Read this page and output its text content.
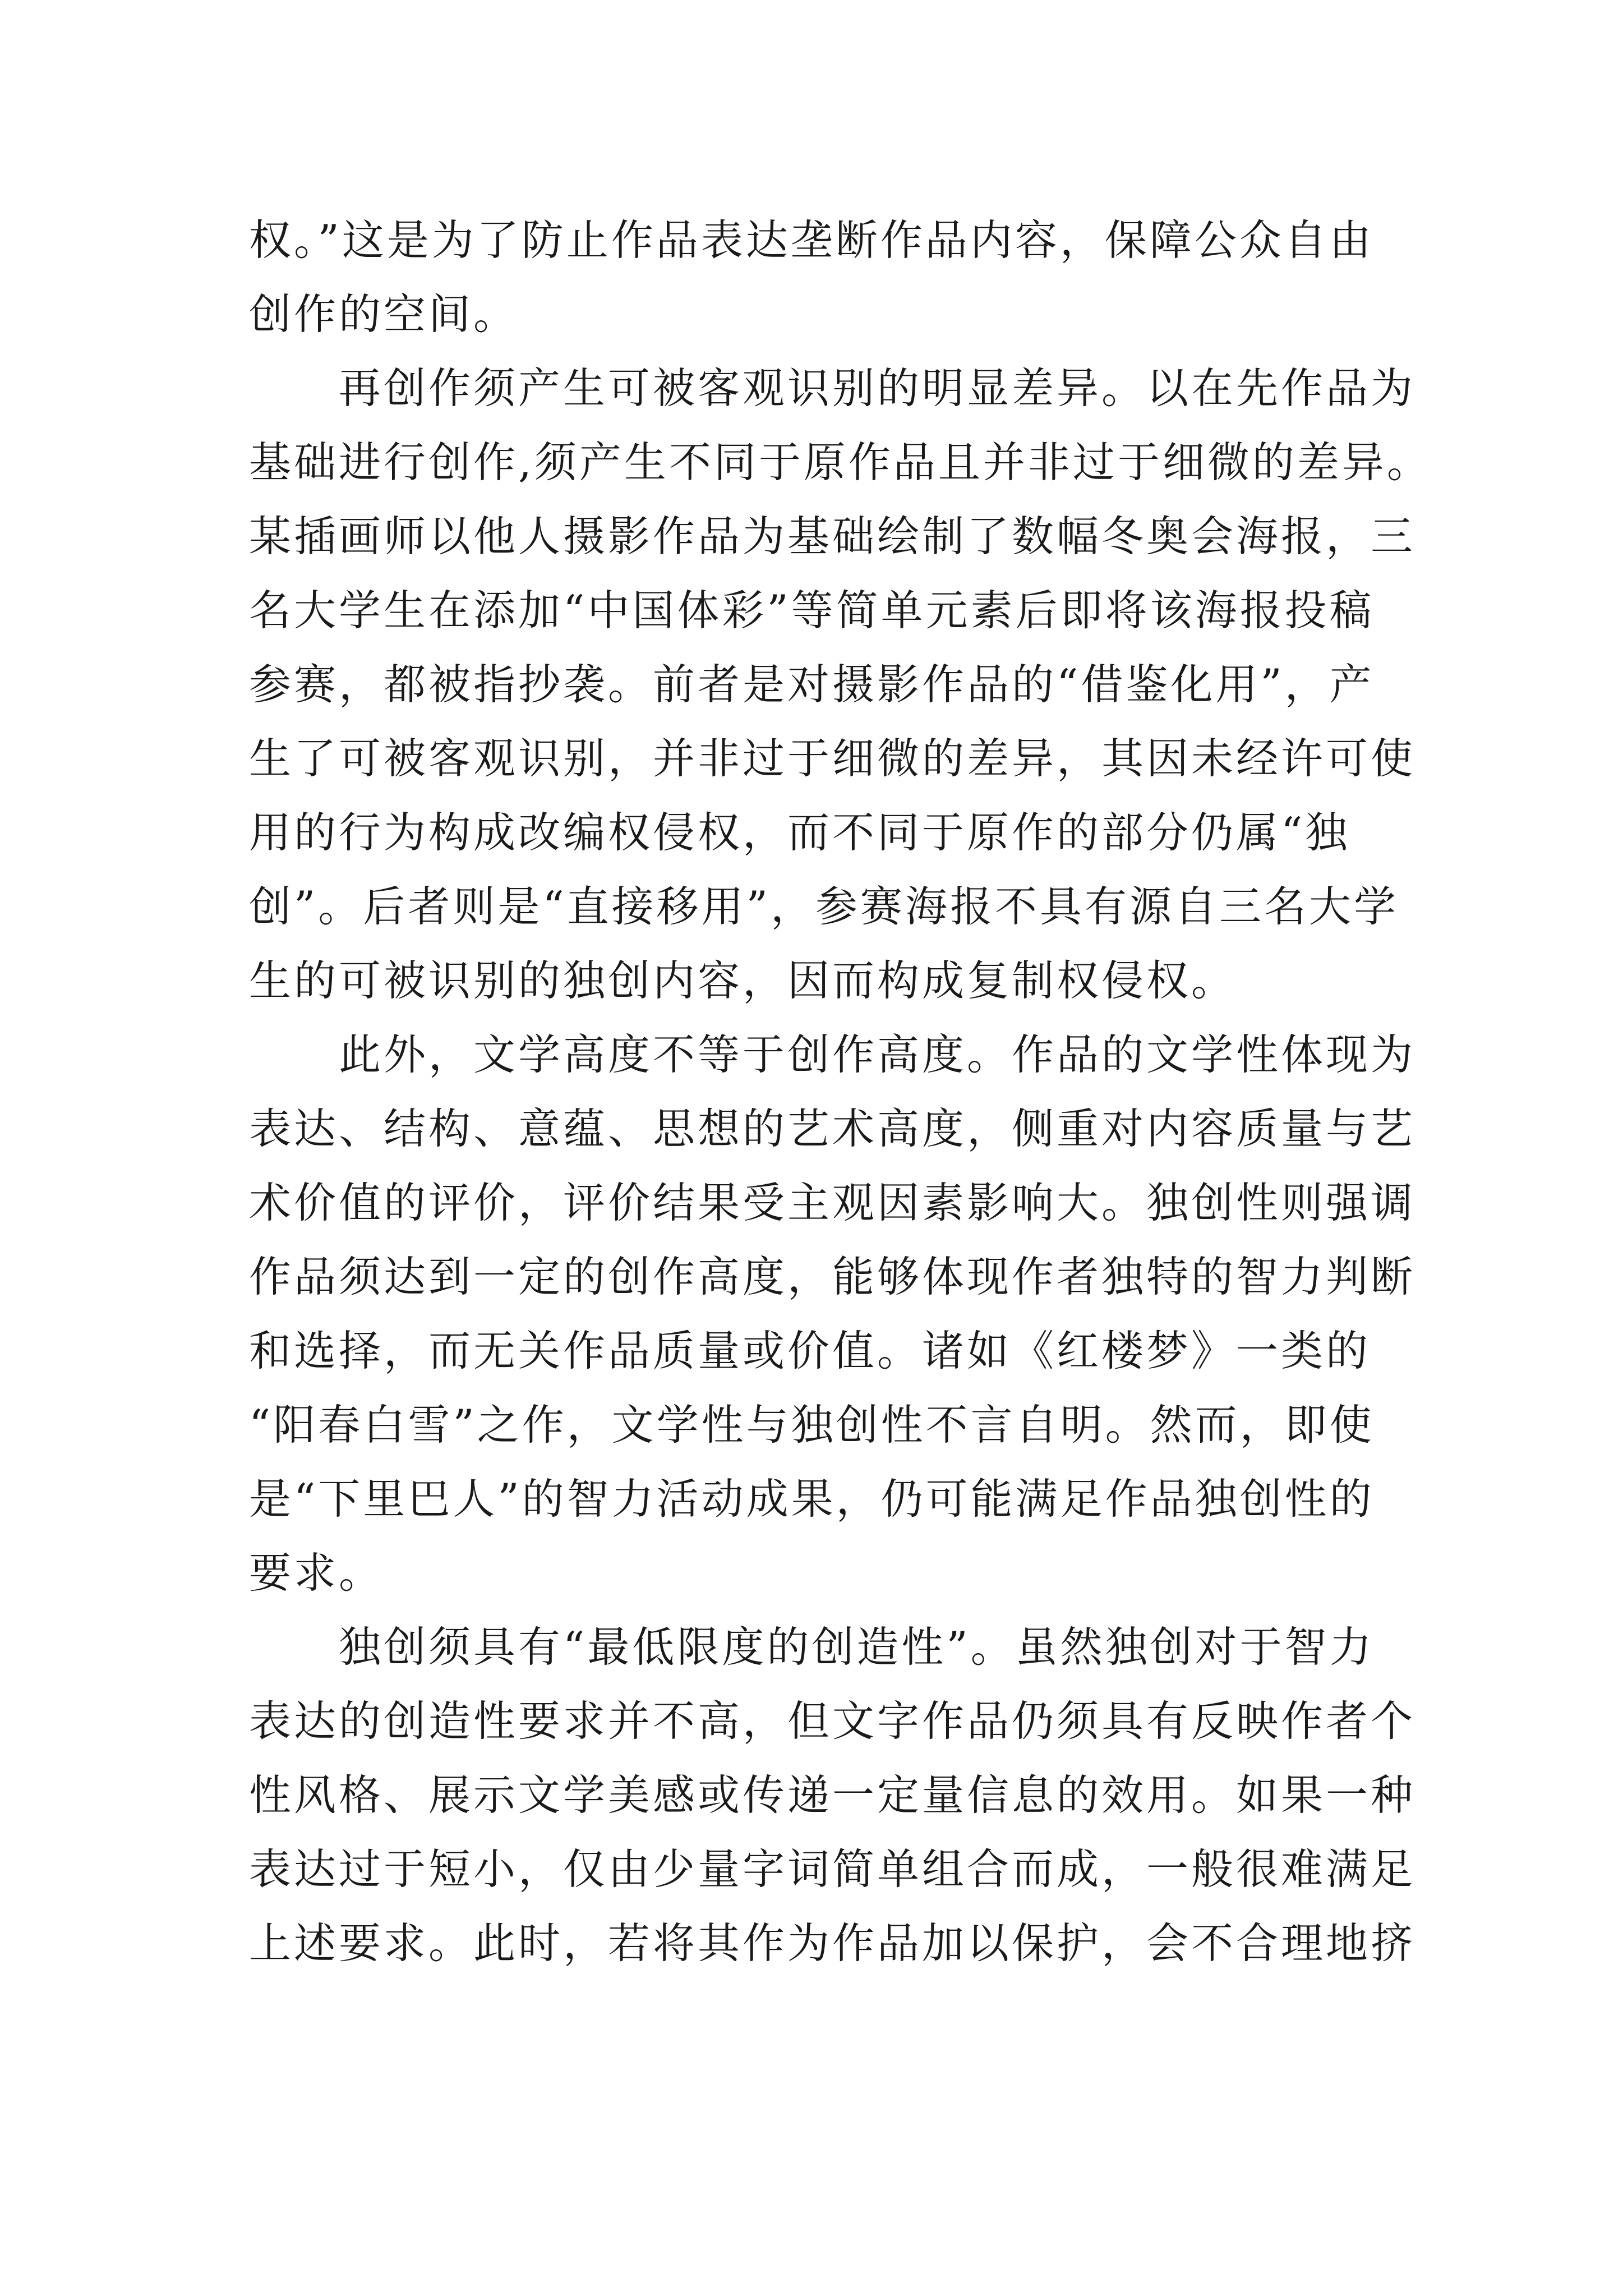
权。”这是为了防止作品表达垄断作品内容，保障公众自由
创作的空间。
再创作须产生可被客观识别的明显差异。以在先作品为
基础进行创作,须产生不同于原作品且并非过于细微的差异。
某插画师以他人摄影作品为基础绘制了数幅冬奥会海报，三
名大学生在添加“中国体彩”等简单元素后即将该海报投稿
参赛，都被指抄袭。前者是对摄影作品的“借鉴化用”，产
生了可被客观识别，并非过于细微的差异，其因未经许可使
用的行为构成改编权侵权，而不同于原作的部分仍属“独
创”。后者则是“直接移用”，参赛海报不具有源自三名大学
生的可被识别的独创内容，因而构成复制权侵权。
此外，文学高度不等于创作高度。作品的文学性体现为
表达、结构、意蕴、思想的艺术高度，侧重对内容质量与艺
术价值的评价，评价结果受主观因素影响大。独创性则强调
作品须达到一定的创作高度，能够体现作者独特的智力判断
和选择，而无关作品质量或价值。诸如《红楼梦》一类的
“阳春白雪”之作，文学性与独创性不言自明。然而，即使
是“下里巴人”的智力活动成果，仍可能满足作品独创性的
要求。
独创须具有“最低限度的创造性”。虽然独创对于智力
表达的创造性要求并不高，但文字作品仍须具有反映作者个
性风格、展示文学美感或传递一定量信息的效用。如果一种
表达过于短小，仅由少量字词简单组合而成，一般很难满足
上述要求。此时，若将其作为作品加以保护，会不合理地挤
